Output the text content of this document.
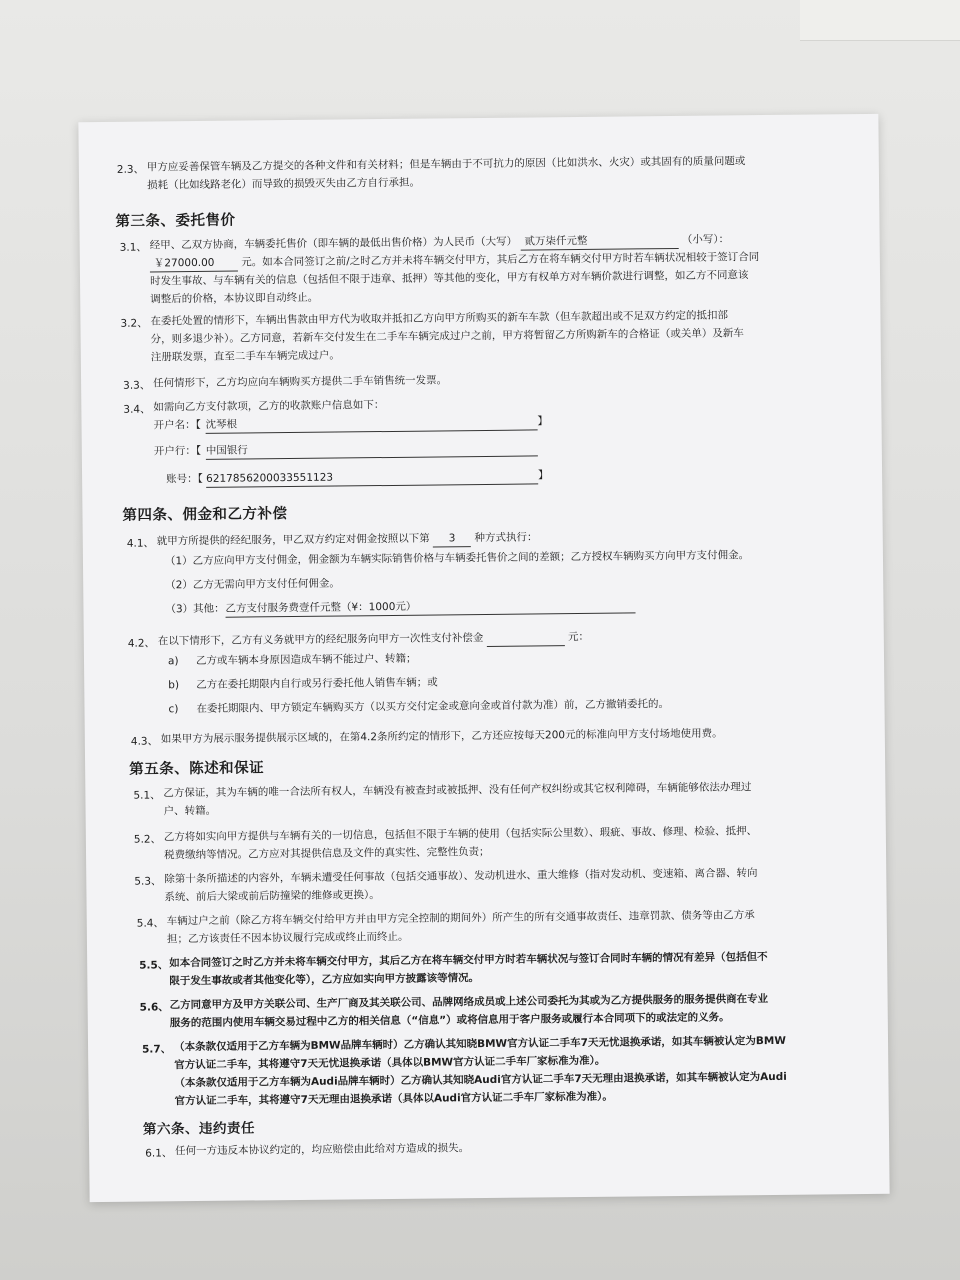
2.3、 甲方应妥善保管车辆及乙方提交的各种文件和有关材料；但是车辆由于不可抗力的原因（比如洪水、火灾）或其固有的质量问题或
损耗（比如线路老化）而导致的损毁灭失由乙方自行承担。
第三条、委托售价
3.1、 经甲、乙双方协商，车辆委托售价（即车辆的最低出售价格）为人民币（大写） 贰万柒仟元整	（小写）：
￥27000.00	元。如本合同签订之前/之时乙方并未将车辆交付甲方，其后乙方在将车辆交付甲方时若车辆状况相较于签订合同
时发生事故、与车辆有关的信息（包括但不限于违章、抵押）等其他的变化，甲方有权单方对车辆价款进行调整，如乙方不同意该
调整后的价格，本协议即自动终止。
3.2、 在委托处置的情形下，车辆出售款由甲方代为收取并抵扣乙方向甲方所购买的新车车款（但车款超出或不足双方约定的抵扣部
分，则多退少补）。乙方同意，若新车交付发生在二手车车辆完成过户之前，甲方将暂留乙方所购新车的合格证（或关单）及新车
注册联发票，直至二手车车辆完成过户。
3.3、 任何情形下，乙方均应向车辆购买方提供二手车销售统一发票。
3.4、 如需向乙方支付款项，乙方的收款账户信息如下：
开户名：【 沈琴根	】
开户行：【 中国银行
账号：【 6217856200033551123	】
第四条、佣金和乙方补偿
4.1、 就甲方所提供的经纪服务，甲乙双方约定对佣金按照以下第 3 种方式执行：
（1）乙方应向甲方支付佣金，佣金额为车辆实际销售价格与车辆委托售价之间的差额；乙方授权车辆购买方向甲方支付佣金。
（2）乙方无需向甲方支付任何佣金。
（3）其他： 乙方支付服务费壹仟元整（¥：1000元）
4.2、 在以下情形下，乙方有义务就甲方的经纪服务向甲方一次性支付补偿金	元：
a) 乙方或车辆本身原因造成车辆不能过户、转籍；
b) 乙方在委托期限内自行或另行委托他人销售车辆；或
c) 在委托期限内、甲方锁定车辆购买方（以买方交付定金或意向金或首付款为准）前，乙方撤销委托的。
4.3、 如果甲方为展示服务提供展示区域的，在第4.2条所约定的情形下，乙方还应按每天200元的标准向甲方支付场地使用费。
第五条、陈述和保证
5.1、 乙方保证，其为车辆的唯一合法所有权人，车辆没有被查封或被抵押、没有任何产权纠纷或其它权利障碍，车辆能够依法办理过
户、转籍。
5.2、 乙方将如实向甲方提供与车辆有关的一切信息，包括但不限于车辆的使用（包括实际公里数）、瑕疵、事故、修理、检验、抵押、
税费缴纳等情况。乙方应对其提供信息及文件的真实性、完整性负责；
5.3、 除第十条所描述的内容外，车辆未遭受任何事故（包括交通事故）、发动机进水、重大维修（指对发动机、变速箱、离合器、转向
系统、前后大梁或前后防撞梁的维修或更换）。
5.4、 车辆过户之前（除乙方将车辆交付给甲方并由甲方完全控制的期间外）所产生的所有交通事故责任、违章罚款、债务等由乙方承
担；乙方该责任不因本协议履行完成或终止而终止。
5.5、 如本合同签订之时乙方并未将车辆交付甲方，其后乙方在将车辆交付甲方时若车辆状况与签订合同时车辆的情况有差异（包括但不
限于发生事故或者其他变化等），乙方应如实向甲方披露该等情况。
5.6、 乙方同意甲方及甲方关联公司、生产厂商及其关联公司、品牌网络成员或上述公司委托为其或为乙方提供服务的服务提供商在专业
服务的范围内使用车辆交易过程中乙方的相关信息（“信息”）或将信息用于客户服务或履行本合同项下的或法定的义务。
5.7、 （本条款仅适用于乙方车辆为BMW品牌车辆时）乙方确认其知晓BMW官方认证二手车7天无忧退换承诺，如其车辆被认定为BMW
官方认证二手车，其将遵守7天无忧退换承诺（具体以BMW官方认证二手车厂家标准为准）。
（本条款仅适用于乙方车辆为Audi品牌车辆时）乙方确认其知晓Audi官方认证二手车7天无理由退换承诺，如其车辆被认定为Audi
官方认证二手车，其将遵守7天无理由退换承诺（具体以Audi官方认证二手车厂家标准为准）。
第六条、违约责任
6.1、 任何一方违反本协议约定的，均应赔偿由此给对方造成的损失。
